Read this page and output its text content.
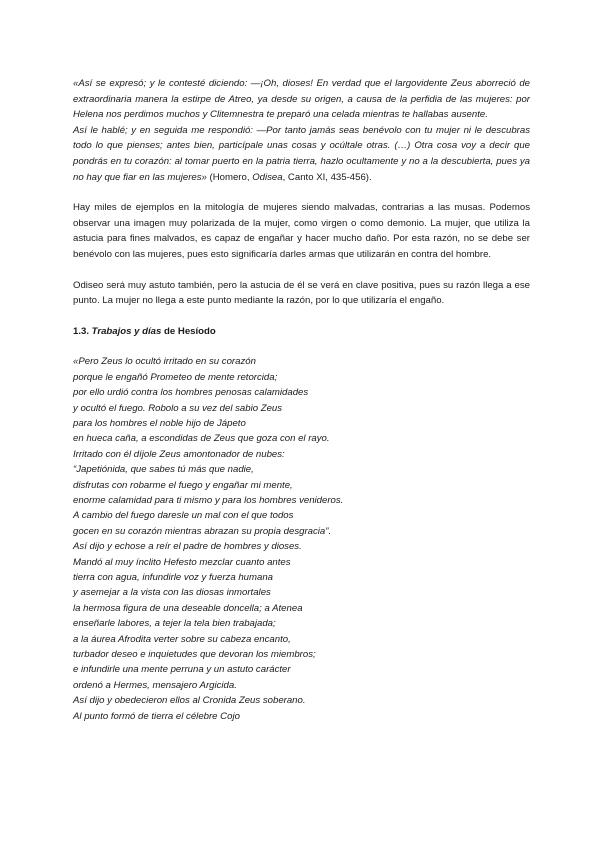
«Así se expresó; y le contesté diciendo: —¡Oh, dioses! En verdad que el largovidente Zeus aborreció de extraordinaria manera la estirpe de Atreo, ya desde su origen, a causa de la perfidia de las mujeres: por Helena nos perdimos muchos y Clitemnestra te preparó una celada mientras te hallabas ausente.

Así le hablé; y en seguida me respondió: —Por tanto jamás seas benévolo con tu mujer ni le descubras todo lo que pienses; antes bien, particípale unas cosas y ocúltale otras. (…) Otra cosa voy a decir que pondrás en tu corazón: al tomar puerto en la patria tierra, hazlo ocultamente y no a la descubierta, pues ya no hay que fiar en las mujeres» (Homero, Odisea, Canto XI, 435-456).

Hay miles de ejemplos en la mitología de mujeres siendo malvadas, contrarias a las musas. Podemos observar una imagen muy polarizada de la mujer, como virgen o como demonio. La mujer, que utiliza la astucia para fines malvados, es capaz de engañar y hacer mucho daño. Por esta razón, no se debe ser benévolo con las mujeres, pues esto significaría darles armas que utilizarán en contra del hombre.

Odiseo será muy astuto también, pero la astucia de él se verá en clave positiva, pues su razón llega a ese punto. La mujer no llega a este punto mediante la razón, por lo que utilizaría el engaño.

1.3. Trabajos y días de Hesíodo

«Pero Zeus lo ocultó irritado en su corazón
porque le engañó Prometeo de mente retorcida;
por ello urdió contra los hombres penosas calamidades
y ocultó el fuego. Robolo a su vez del sabio Zeus
para los hombres el noble hijo de Jápeto
en hueca caña, a escondidas de Zeus que goza con el rayo.
Irritado con él díjole Zeus amontonador de nubes:
“Japetiónida, que sabes tú más que nadie,
disfrutas con robarme el fuego y engañar mi mente,
enorme calamidad para ti mismo y para los hombres venideros.
A cambio del fuego daresle un mal con el que todos
gocen en su corazón mientras abrazan su propia desgracia”.
Así dijo y echose a reír el padre de hombres y dioses.
Mandó al muy ínclito Hefesto mezclar cuanto antes
tierra con agua, infundirle voz y fuerza humana
y asemejar a la vista con las diosas inmortales
la hermosa figura de una deseable doncella; a Atenea
enseñarle labores, a tejer la tela bien trabajada;
a la áurea Afrodita verter sobre su cabeza encanto,
turbador deseo e inquietudes que devoran los miembros;
e infundirle una mente perruna y un astuto carácter
ordenó a Hermes, mensajero Argicida.
Así dijo y obedecieron ellos al Cronida Zeus soberano.
Al punto formó de tierra el célebre Cojo
